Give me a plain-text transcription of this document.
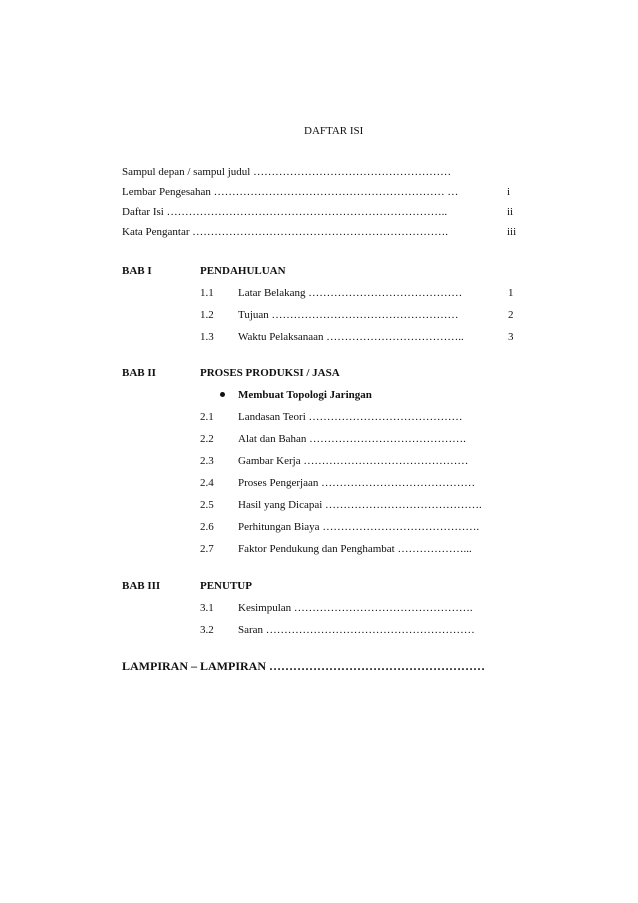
DAFTAR ISI
Sampul depan / sampul judul ………………………………………………
Lembar Pengesahan ……………………………………………………… …	i
Daftar Isi …………………………………………………………………..	ii
Kata Pengantar …………………………………………………………….	iii
BAB I	PENDAHULUAN
1.1 Latar Belakang ……………………………………	1
1.2 Tujuan ……………………………………………	2
1.3 Waktu Pelaksanaan ………………………………..	3
BAB II	PROSES PRODUKSI / JASA
Membuat Topologi Jaringan
2.1 Landasan Teori ……………………………………
2.2 Alat dan Bahan …………………………………….
2.3 Gambar Kerja ………………………………………
2.4 Proses Pengerjaan ……………………………………
2.5 Hasil yang Dicapai …………………………………….
2.6 Perhitungan Biaya …………………………………….
2.7 Faktor Pendukung dan Penghambat ………………...
BAB III	PENUTUP
3.1 Kesimpulan ………………………………………….
3.2 Saran …………………………………………………
LAMPIRAN – LAMPIRAN ………………………………………………
